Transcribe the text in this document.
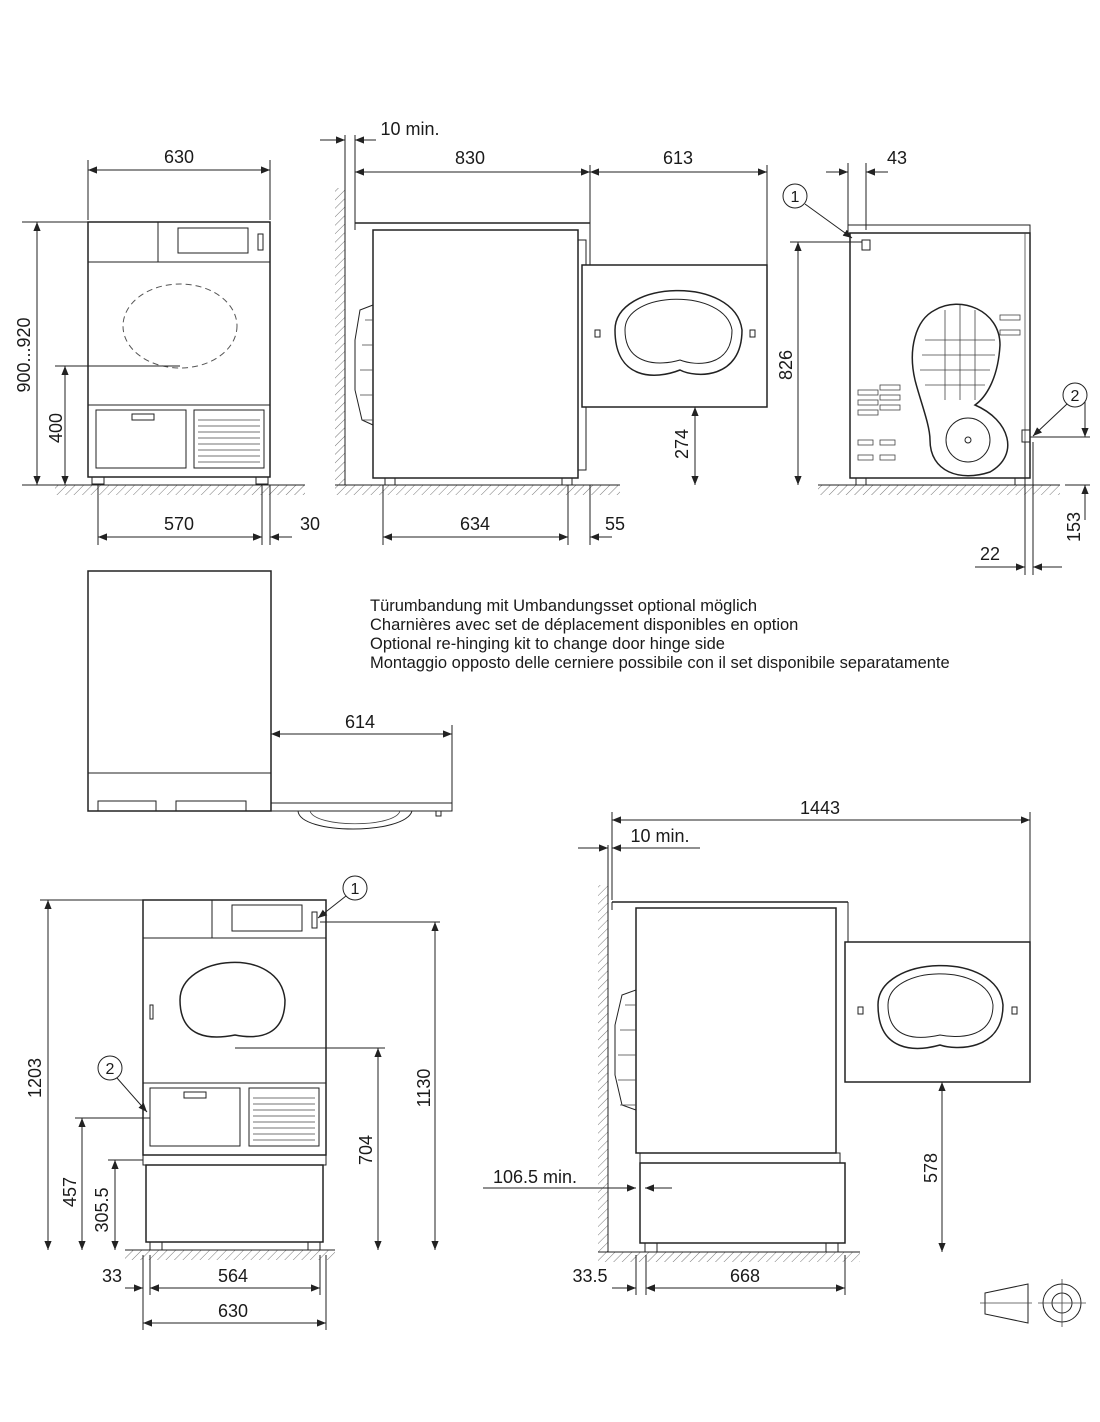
630
900...920
400
570	30
10 min.
830	613
634	55
274
43
826
153
22
1
2
614
Türumbandung mit Umbandungsset optional möglich
Charnières avec set de déplacement disponibles en option
Optional re-hinging kit to change door hinge side
Montaggio opposto delle cerniere possibile con il set disponibile separatamente
1203	1130
704
457 305.5
33	564
630
1
2
1443
10 min.
106.5 min.	578
33.5	668
